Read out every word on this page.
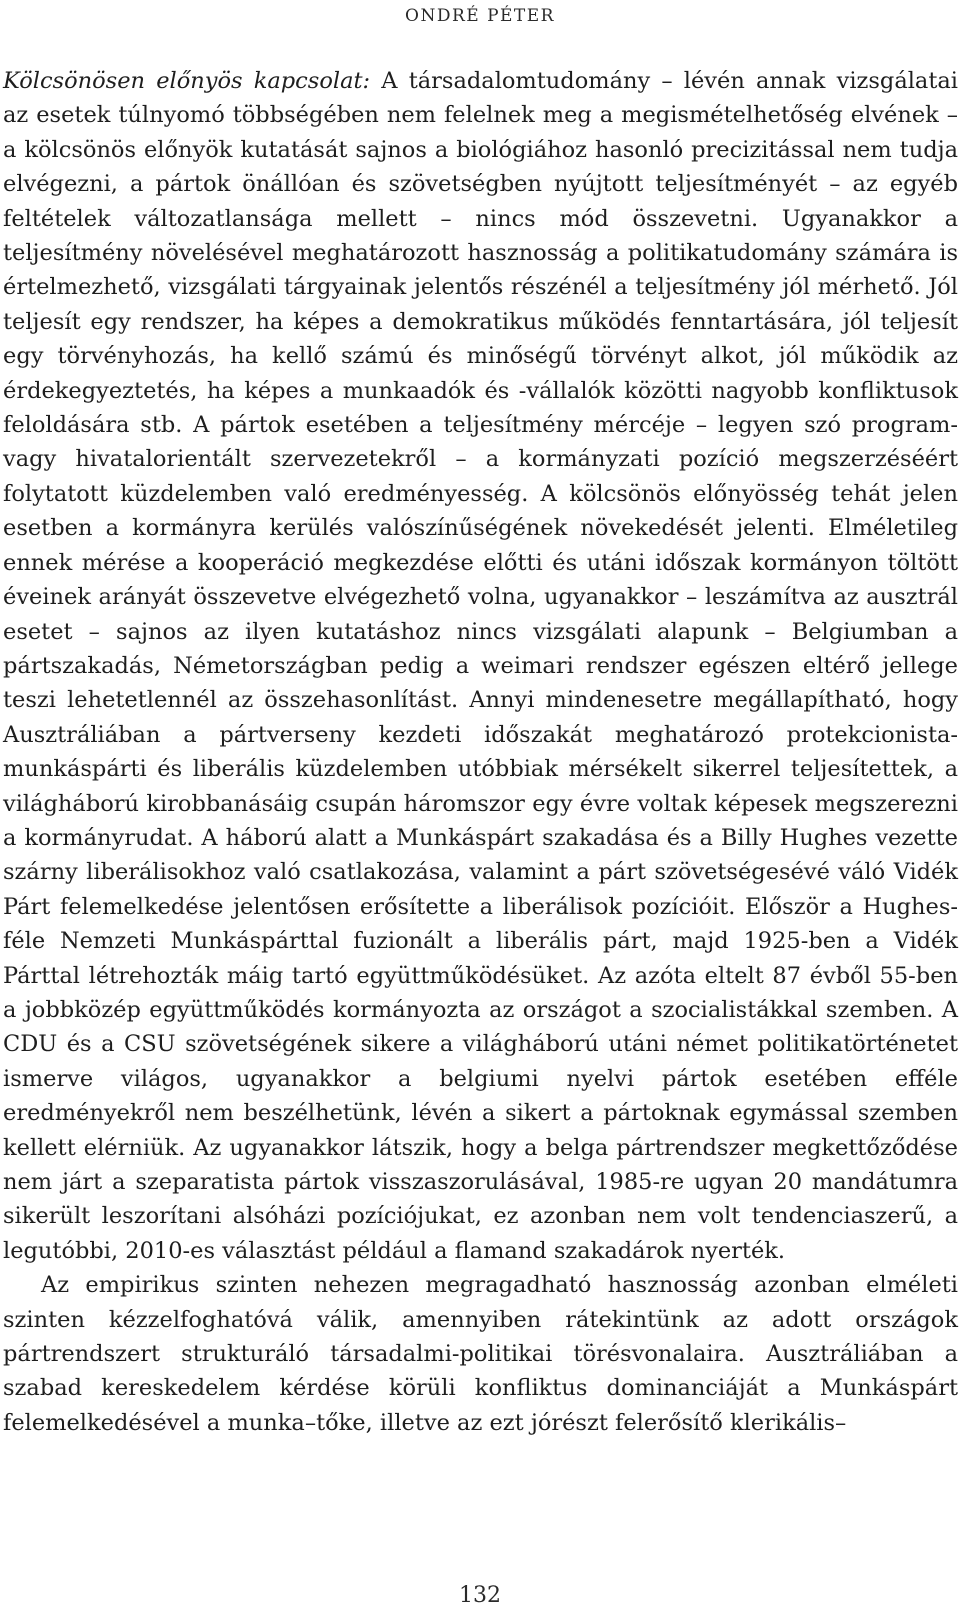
ONDRÉ PÉTER

Kölcsönösen előnyös kapcsolat: A társadalomtudomány – lévén annak vizsgálatai az esetek túlnyomó többségében nem felelnek meg a megismételhetőség elvének – a kölcsönös előnyök kutatását sajnos a biológiához hasonló precizitással nem tudja elvégezni, a pártok önállóan és szövetségben nyújtott teljesítményét – az egyéb feltételek változatlansága mellett – nincs mód összevetni. Ugyanakkor a teljesítmény növelésével meghatározott hasznosság a politikatudomány számára is értelmezhető, vizsgálati tárgyainak jelentős részénél a teljesítmény jól mérhető. Jól teljesít egy rendszer, ha képes a demokratikus működés fenntartására, jól teljesít egy törvényhozás, ha kellő számú és minőségű törvényt alkot, jól működik az érdekegyeztetés, ha képes a munkaadók és -vállalók közötti nagyobb konfliktusok feloldására stb. A pártok esetében a teljesítmény mércéje – legyen szó program- vagy hivatalorientált szervezetekről – a kormányzati pozíció megszerzéséért folytatott küzdelemben való eredményesség. A kölcsönös előnyösség tehát jelen esetben a kormányra kerülés valószínűségének növekedését jelenti. Elméletileg ennek mérése a kooperáció megkezdése előtti és utáni időszak kormányon töltött éveinek arányát összevetve elvégezhető volna, ugyanakkor – leszámítva az ausztrál esetet – sajnos az ilyen kutatáshoz nincs vizsgálati alapunk – Belgiumban a pártszakadás, Németországban pedig a weimari rendszer egészen eltérő jellege teszi lehetetlennél az összehasonlítást. Annyi mindenesetre megállapítható, hogy Ausztráliában a pártverseny kezdeti időszakát meghatározó protekcionista-munkáspárti és liberális küzdelemben utóbbiak mérsékelt sikerrel teljesítettek, a világháború kirobbanásáig csupán háromszor egy évre voltak képesek megszerezni a kormányrudat. A háború alatt a Munkáspárt szakadása és a Billy Hughes vezette szárny liberálisokhoz való csatlakozása, valamint a párt szövetségesévé váló Vidék Párt felemelkedése jelentősen erősítette a liberálisok pozícióit. Először a Hughes-féle Nemzeti Munkáspárttal fuzionált a liberális párt, majd 1925-ben a Vidék Párttal létrehozták máig tartó együttműködésüket. Az azóta eltelt 87 évből 55-ben a jobbközép együttműködés kormányozta az országot a szocialistákkal szemben. A CDU és a CSU szövetségének sikere a világháború utáni német politikatörténetet ismerve világos, ugyanakkor a belgiumi nyelvi pártok esetében efféle eredményekről nem beszélhetünk, lévén a sikert a pártoknak egymással szemben kellett elérniük. Az ugyanakkor látszik, hogy a belga pártrendszer megkettőződése nem járt a szeparatista pártok visszaszorulásával, 1985-re ugyan 20 mandátumra sikerült leszorítani alsóházi pozíciójukat, ez azonban nem volt tendenciaszerű, a legutóbbi, 2010-es választást például a flamand szakadárok nyerték.

Az empirikus szinten nehezen megragadható hasznosság azonban elméleti szinten kézzelfoghatóvá válik, amennyiben rátekintünk az adott országok pártrendszert strukturáló társadalmi-politikai törésvonalaira. Ausztráliában a szabad kereskedelem kérdése körüli konfliktus dominanciáját a Munkáspárt felemelkedésével a munka–tőke, illetve az ezt jórészt felerősítő klerikális–

132
